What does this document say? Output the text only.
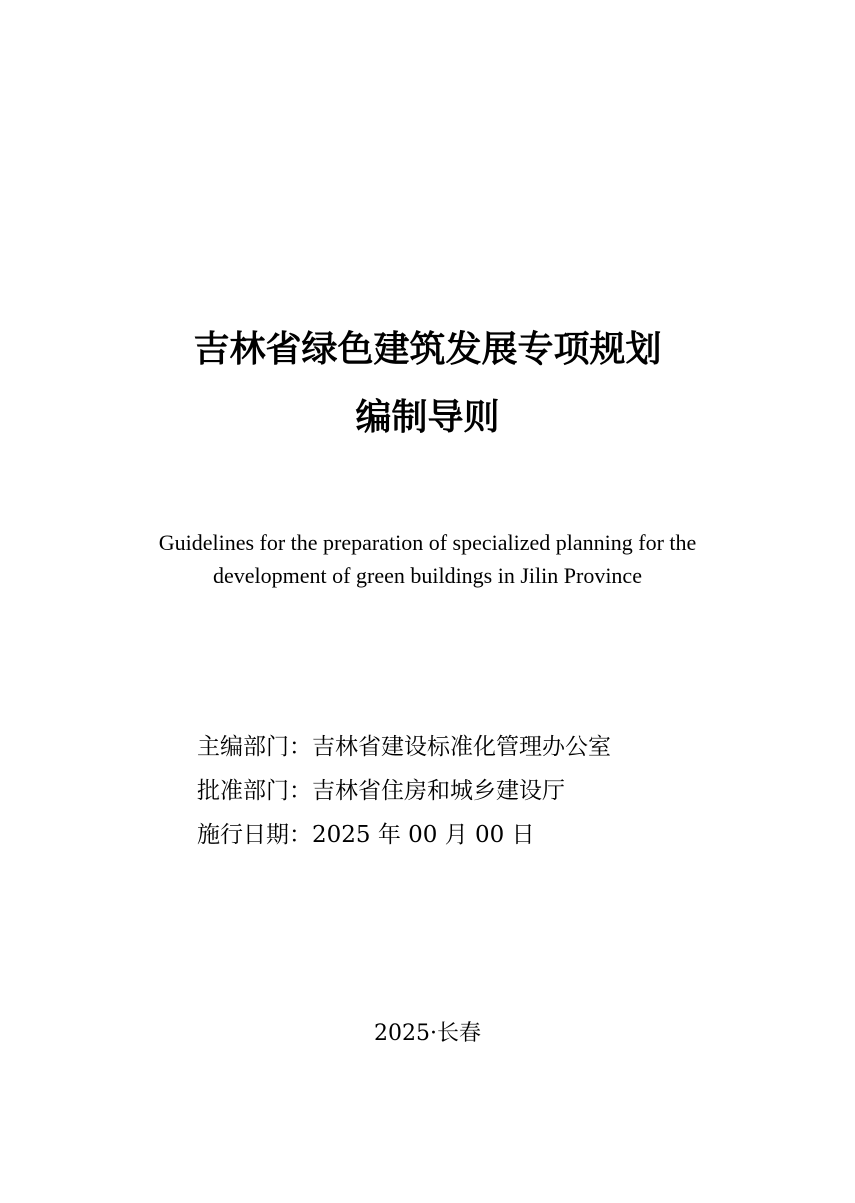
吉林省绿色建筑发展专项规划
编制导则
Guidelines for the preparation of specialized planning for the
development of green buildings in Jilin Province
主编部门：吉林省建设标准化管理办公室
批准部门：吉林省住房和城乡建设厅
施行日期：2025 年 00 月 00 日
2025·长春
